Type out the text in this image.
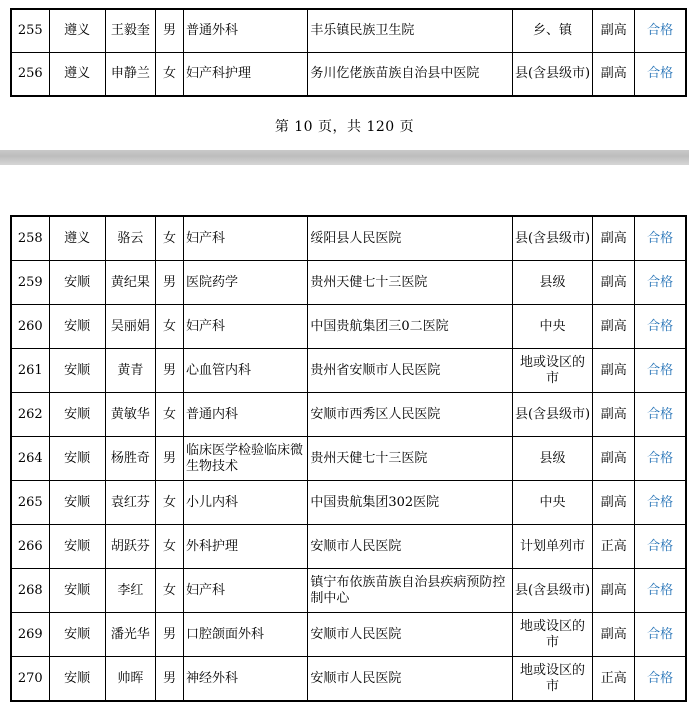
255	遵义	王毅奎	男	普通外科	丰乐镇民族卫生院	乡、镇	副高	合格
256	遵义	申静兰	女	妇产科护理	务川仡佬族苗族自治县中医院	县(含县级市)	副高	合格
第 10 页，共 120 页
258	遵义	骆云	女	妇产科	绥阳县人民医院	县(含县级市)	副高	合格
259	安顺	黄纪果	男	医院药学	贵州天健七十三医院	县级	副高	合格
260	安顺	吴丽娟	女	妇产科	中国贵航集团三0二医院	中央	副高	合格
261	安顺	黄青	男	心血管内科	贵州省安顺市人民医院	地或设区的市	副高	合格
262	安顺	黄敏华	女	普通内科	安顺市西秀区人民医院	县(含县级市)	副高	合格
264	安顺	杨胜奇	男	临床医学检验临床微生物技术	贵州天健七十三医院	县级	副高	合格
265	安顺	袁红芬	女	小儿内科	中国贵航集团302医院	中央	副高	合格
266	安顺	胡跃芬	女	外科护理	安顺市人民医院	计划单列市	正高	合格
268	安顺	李红	女	妇产科	镇宁布依族苗族自治县疾病预防控制中心	县(含县级市)	副高	合格
269	安顺	潘光华	男	口腔颌面外科	安顺市人民医院	地或设区的市	副高	合格
270	安顺	帅晖	男	神经外科	安顺市人民医院	地或设区的市	正高	合格
